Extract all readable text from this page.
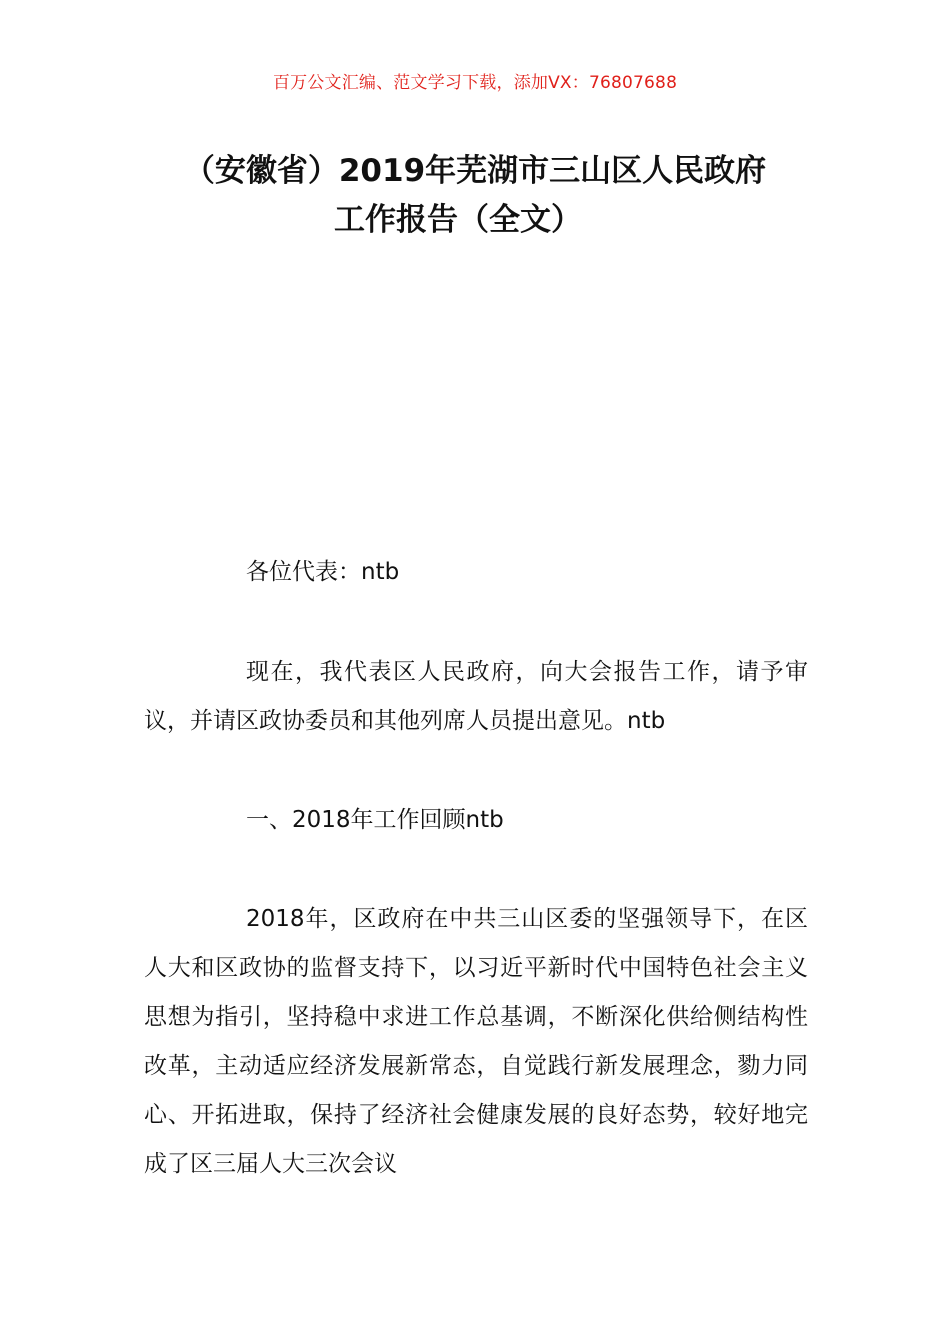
百万公文汇编、范文学习下载，添加VX：76807688
（安徽省）2019年芜湖市三山区人民政府
工作报告（全文）
各位代表：ntb
现在，我代表区人民政府，向大会报告工作，请予审议，并请区政协委员和其他列席人员提出意见。ntb
一、2018年工作回顾ntb
2018年，区政府在中共三山区委的坚强领导下，在区人大和区政协的监督支持下，以习近平新时代中国特色社会主义思想为指引，坚持稳中求进工作总基调，不断深化供给侧结构性改革，主动适应经济发展新常态，自觉践行新发展理念，勠力同心、开拓进取，保持了经济社会健康发展的良好态势，较好地完成了区三届人大三次会议
